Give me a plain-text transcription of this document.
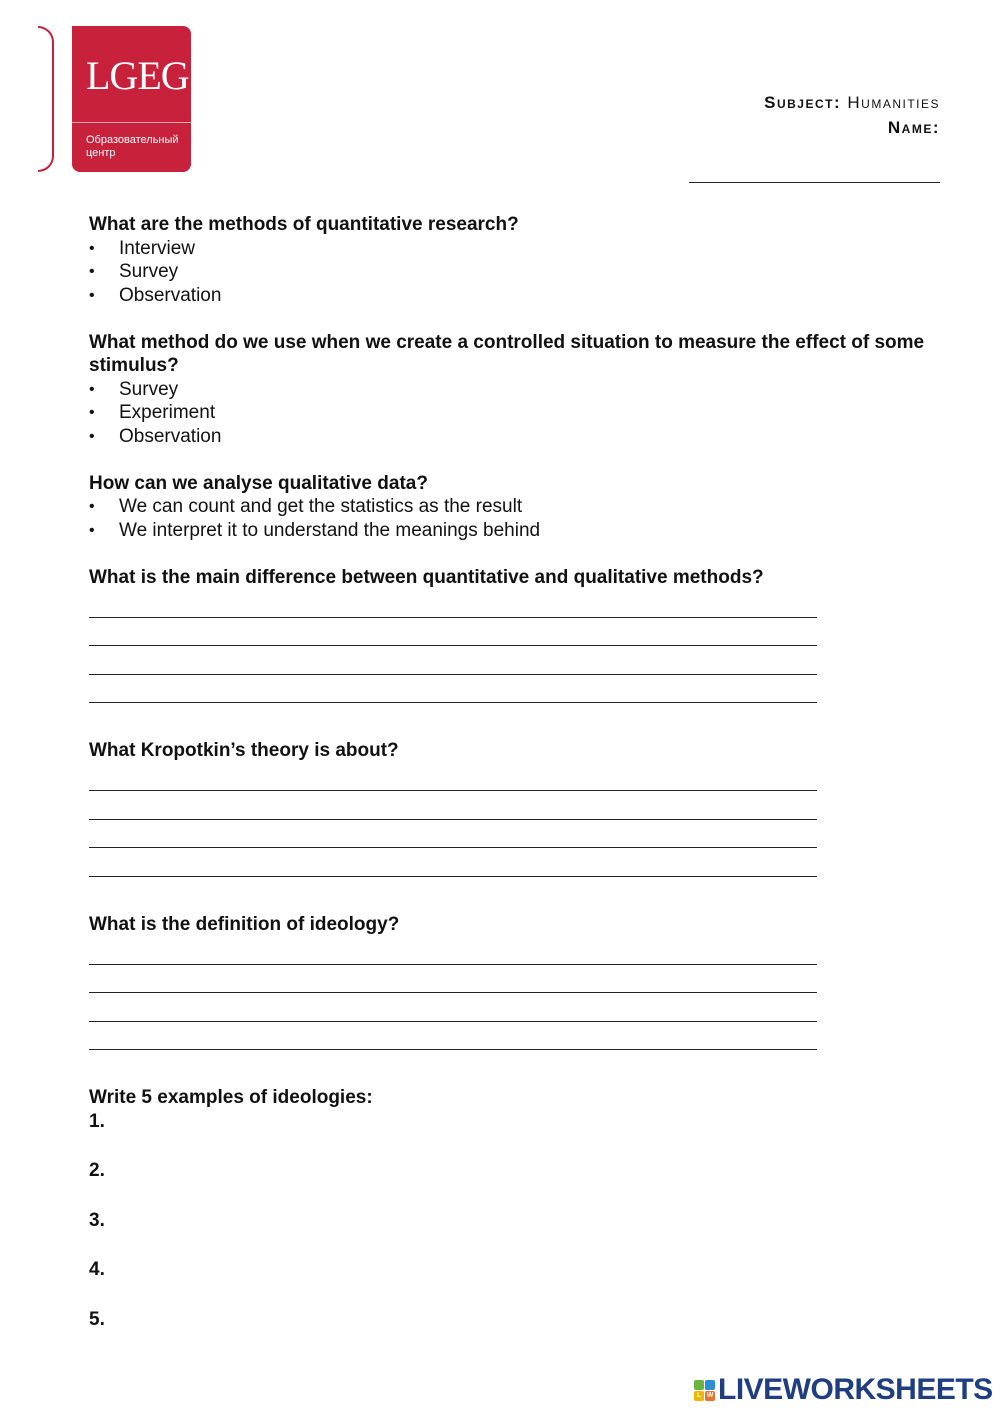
LGEG
Образовательный
центр
Subject: Humanities
Name:

What are the methods of quantitative research?

• Interview
• Survey
• Observation

What method do we use when we create a controlled situation to measure the effect of some stimulus?

• Survey
• Experiment
• Observation

How can we analyse qualitative data?

• We can count and get the statistics as the result
• We interpret it to understand the meanings behind

What is the main difference between quantitative and qualitative methods?

What Kropotkin’s theory is about?

What is the definition of ideology?

Write 5 examples of ideologies:

1.
2.
3.
4.
5.
L W LIVEWORKSHEETS
